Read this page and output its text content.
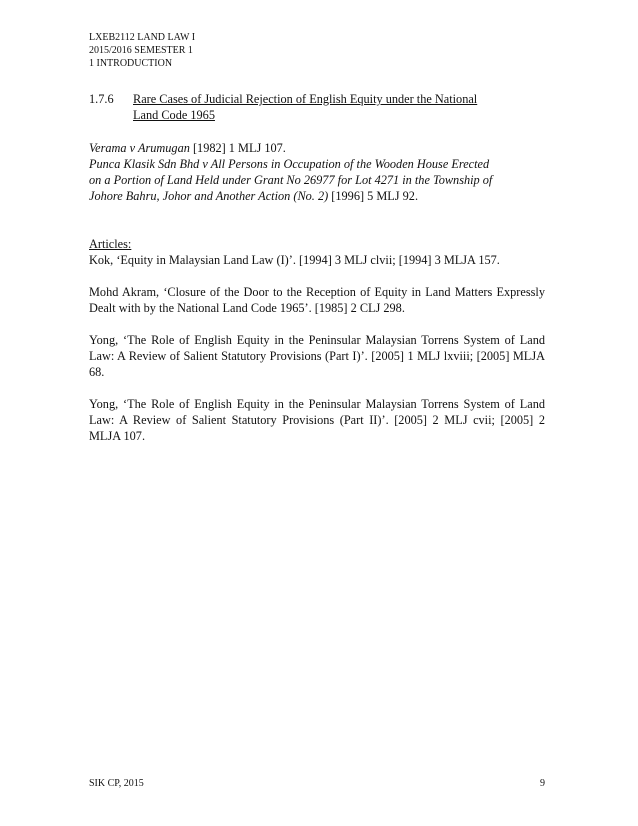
LXEB2112 LAND LAW I
2015/2016 SEMESTER 1
1 INTRODUCTION
1.7.6	Rare Cases of Judicial Rejection of English Equity under the National
Land Code 1965

Verama v Arumugan [1982] 1 MLJ 107.

Punca Klasik Sdn Bhd v All Persons in Occupation of the Wooden House Erected
on a Portion of Land Held under Grant No 26977 for Lot 4271 in the Township of
Johore Bahru, Johor and Another Action (No. 2) [1996] 5 MLJ 92.

Articles:

Kok, ‘Equity in Malaysian Land Law (I)’. [1994] 3 MLJ clvii; [1994] 3 MLJA 157.

Mohd Akram, ‘Closure of the Door to the Reception of Equity in Land Matters Expressly Dealt with by the National Land Code 1965’. [1985] 2 CLJ 298.

Yong, ‘The Role of English Equity in the Peninsular Malaysian Torrens System of Land Law: A Review of Salient Statutory Provisions (Part I)’. [2005] 1 MLJ lxviii; [2005] MLJA 68.

Yong, ‘The Role of English Equity in the Peninsular Malaysian Torrens System of Land Law: A Review of Salient Statutory Provisions (Part II)’. [2005] 2 MLJ cvii; [2005] 2 MLJA 107.

SIK CP, 2015	9
